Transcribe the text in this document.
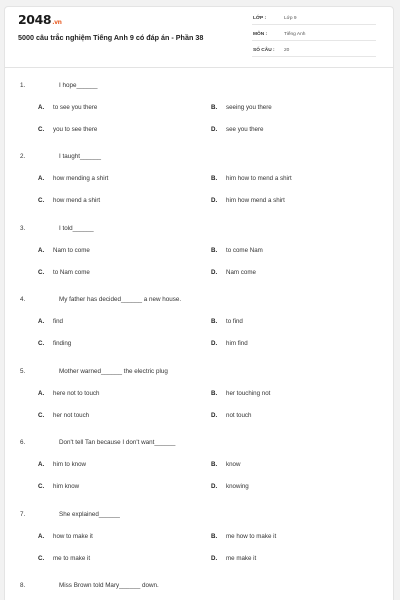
2048.vn
5000 câu trắc nghiệm Tiếng Anh 9 có đáp án - Phần 38
LỚP :	Lớp 9
MÔN :	Tiếng Anh
SỐ CÂU : 20
1.	I hope______
A. to see you there	B. seeing you there
C. you to see there	D. see you there
2.	I taught______
A. how mending a shirt	B. him how to mend a shirt
C. how mend a shirt	D. him how mend a shirt
3.	I told______
A. Nam to come	B. to come Nam
C. to Nam come	D. Nam come
4.	My father has decided______ a new house.
A. find	B. to find
C. finding	D. him find
5.	Mother warned______ the electric plug
A. here not to touch	B. her touching not
C. her not touch	D. not touch
6.	Don't tell Tan because I don't want______
A. him to know	B. know
C. him know	D. knowing
7.	She explained______
A. how to make it	B. me how to make it
C. me to make it	D. me make it
8.	Miss Brown told Mary______ down.
